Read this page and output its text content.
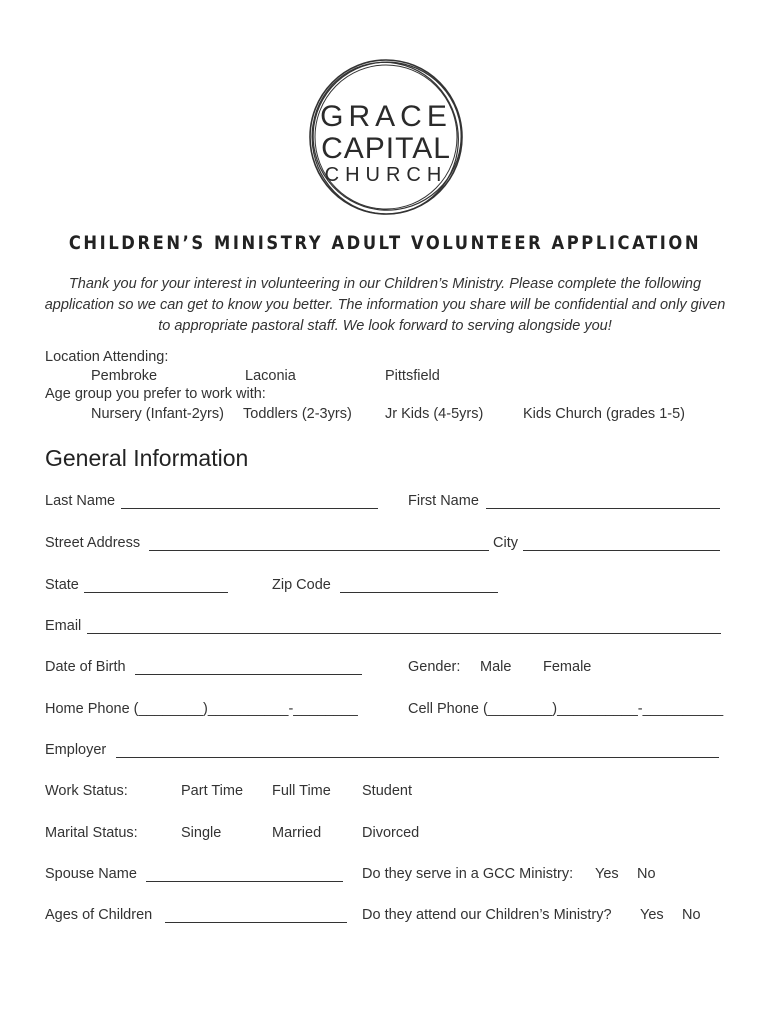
GRACE
CAPITAL
CHURCH
CHILDREN’S MINISTRY ADULT VOLUNTEER APPLICATION
Thank you for your interest in volunteering in our Children’s Ministry. Please complete the following application so we can get to know you better. The information you share will be confidential and only given to appropriate pastoral staff. We look forward to serving alongside you!
Location Attending:
Pembroke	Laconia	Pittsfield
Age group you prefer to work with:
Nursery (Infant-2yrs) Toddlers (2-3yrs) Jr Kids (4-5yrs)	Kids Church (grades 1-5)
General Information
Last Name	First Name
Street Address	City
State	Zip Code
Email
Date of Birth	Gender: Male Female
Home Phone (________)__________-________	Cell Phone (________)__________-__________
Employer
Work Status:	Part Time Full Time Student
Marital Status:	Single	Married	Divorced
Spouse Name	Do they serve in a GCC Ministry: Yes No
Ages of Children	Do they attend our Children’s Ministry? Yes No
